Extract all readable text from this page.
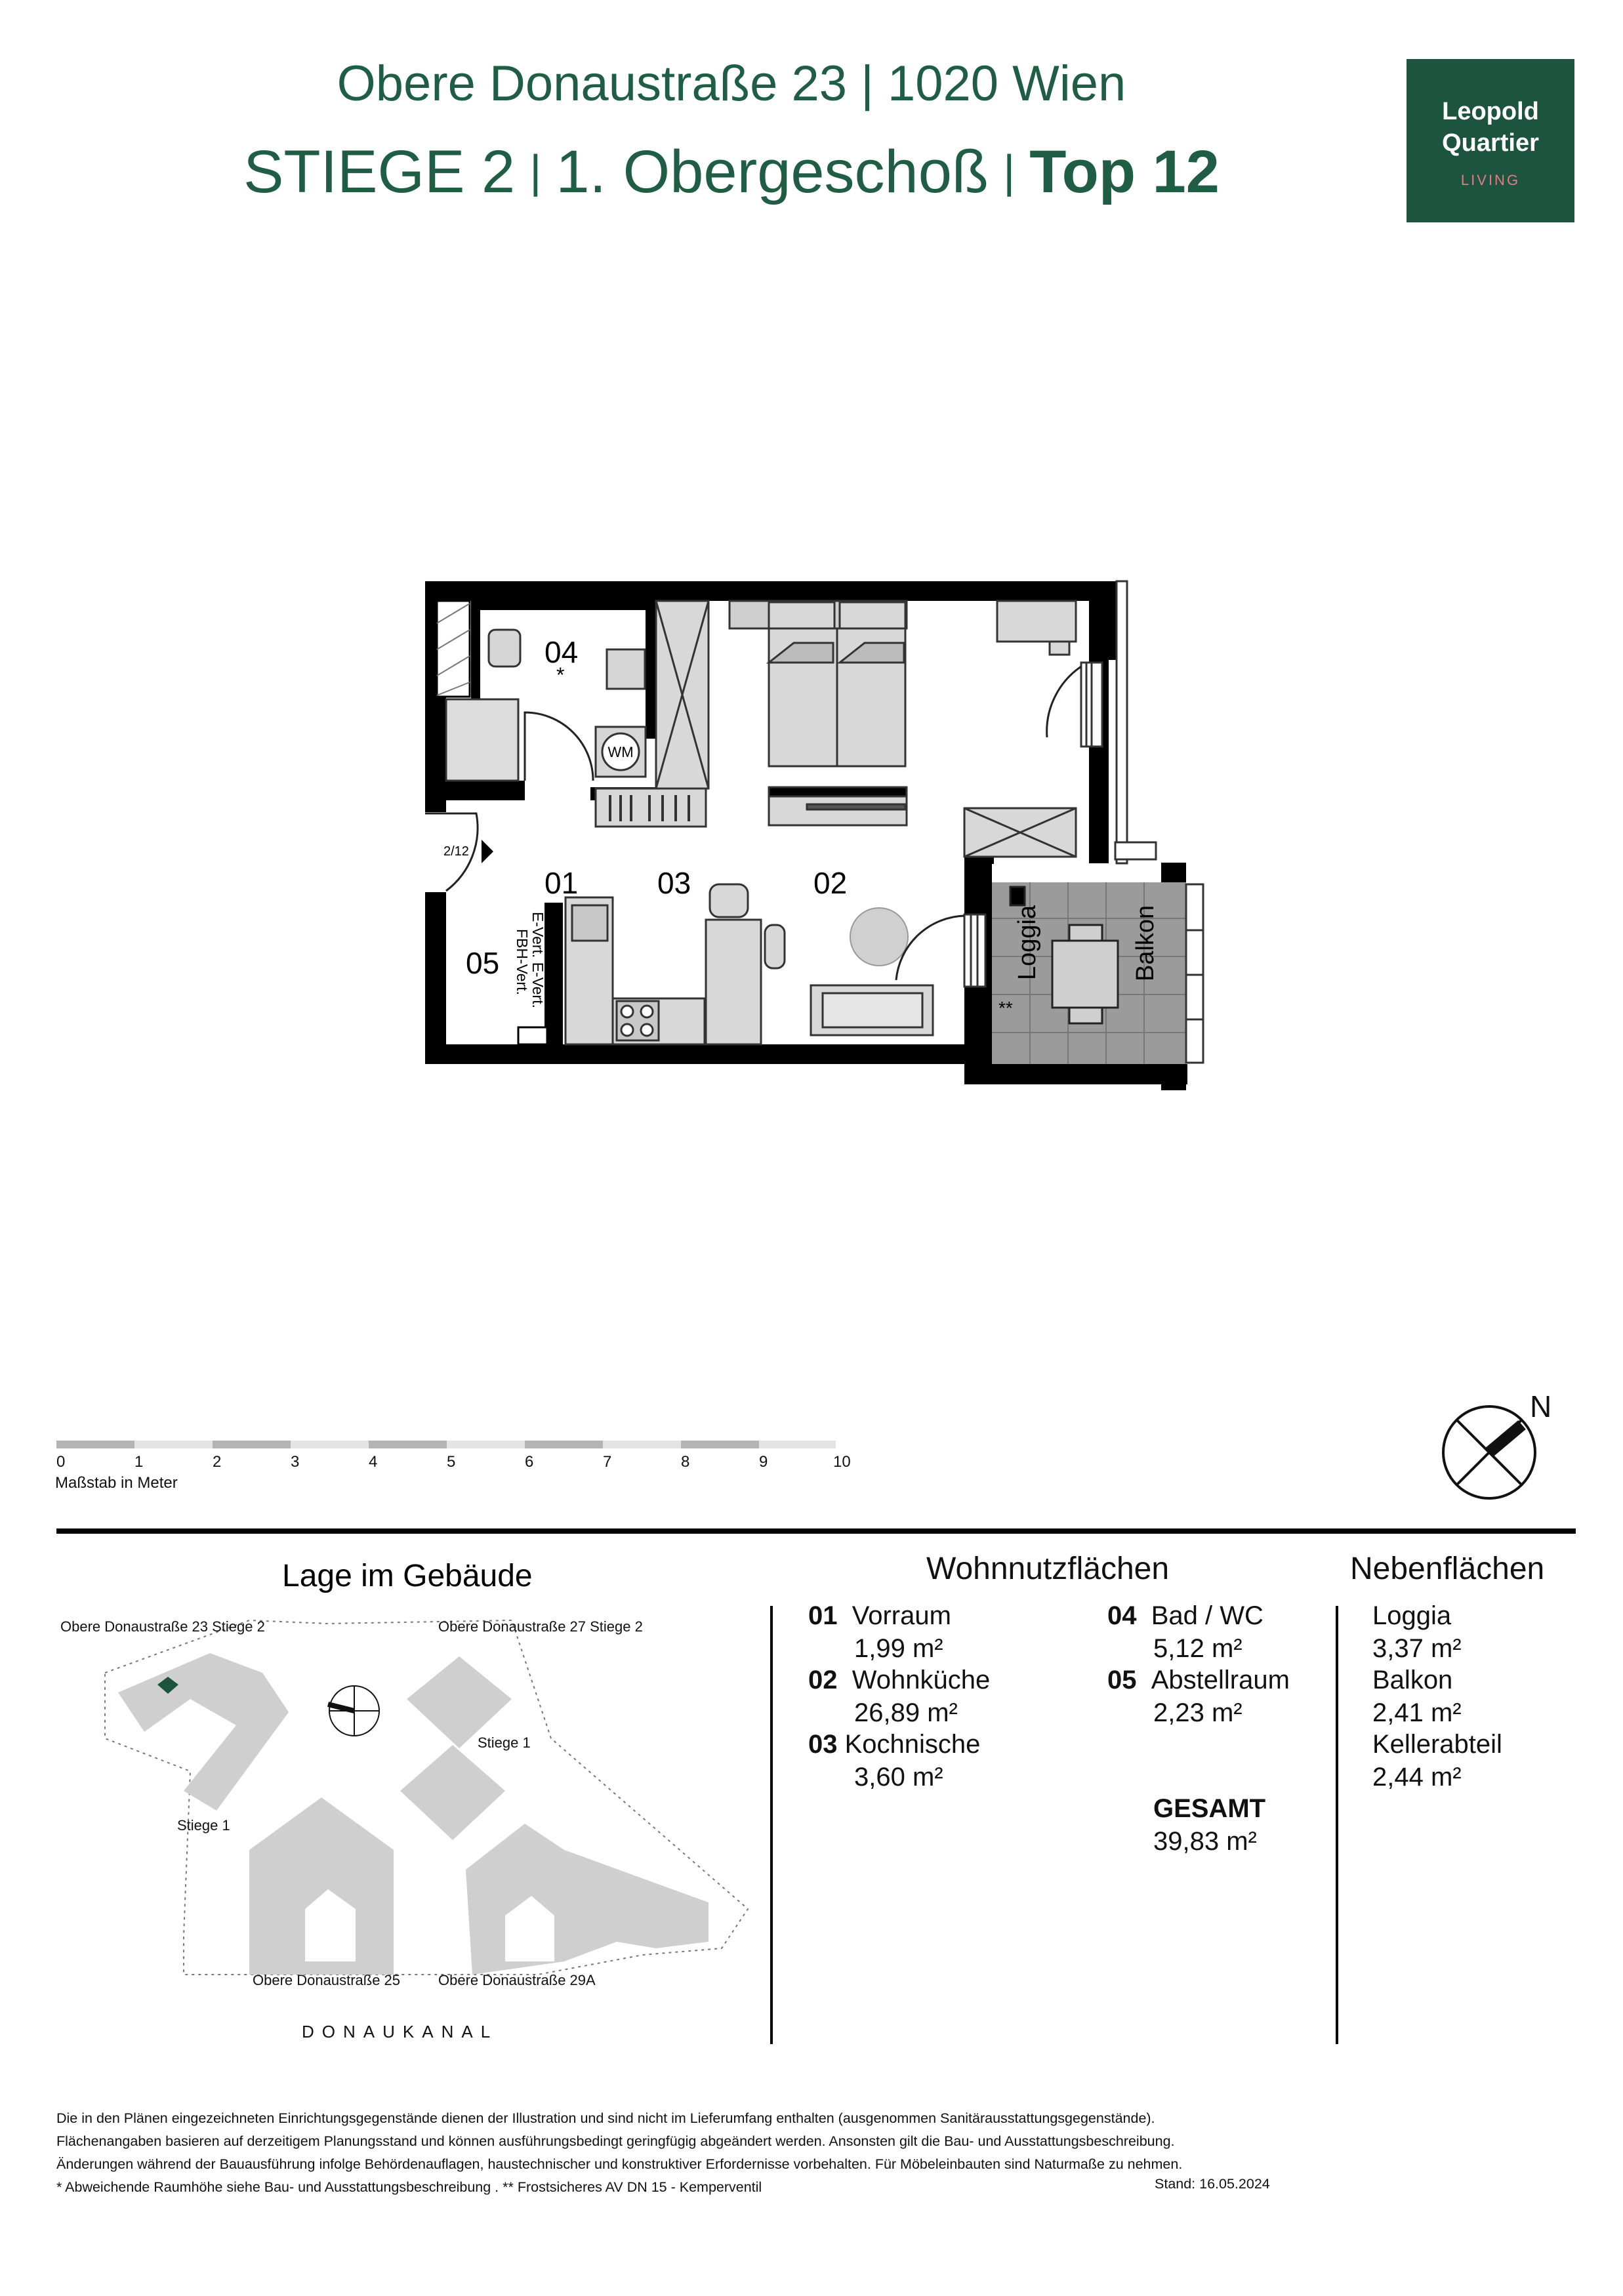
Obere Donaustraße 23 | 1020 Wien
STIEGE 2 | 1. Obergeschoß | Top 12
Leopold
Quartier
LIVING
WM
04
*
01	03	02
05
2/12
**
Loggia	Balkon
E-Vert. E-Vert.
FBH-Vert.
0	1	2	3	4	5	6	7	8	9	10
Maßstab in Meter
N
Lage im Gebäude
Obere Donaustraße 23 Stiege 2	Obere Donaustraße 27 Stiege 2
Stiege 1
Stiege 1
Obere Donaustraße 25	Obere Donaustraße 29A
DONAUKANAL
Wohnnutzflächen
01 Vorraum
1,99 m²
02 Wohnküche
26,89 m²
03 Kochnische
3,60 m²
04 Bad / WC
5,12 m²
05 Abstellraum
2,23 m²
GESAMT
39,83 m²
Nebenflächen
Loggia
3,37 m²
Balkon
2,41 m²
Kellerabteil
2,44 m²
Die in den Plänen eingezeichneten Einrichtungsgegenstände dienen der Illustration und sind nicht im Lieferumfang enthalten (ausgenommen Sanitärausstattungsgegenstände).
Flächenangaben basieren auf derzeitigem Planungsstand und können ausführungsbedingt geringfügig abgeändert werden. Ansonsten gilt die Bau- und Ausstattungsbeschreibung.
Änderungen während der Bauausführung infolge Behördenauflagen, haustechnischer und konstruktiver Erfordernisse vorbehalten. Für Möbeleinbauten sind Naturmaße zu nehmen.
* Abweichende Raumhöhe siehe Bau- und Ausstattungsbeschreibung . ** Frostsicheres AV DN 15 - Kemperventil	Stand: 16.05.2024
